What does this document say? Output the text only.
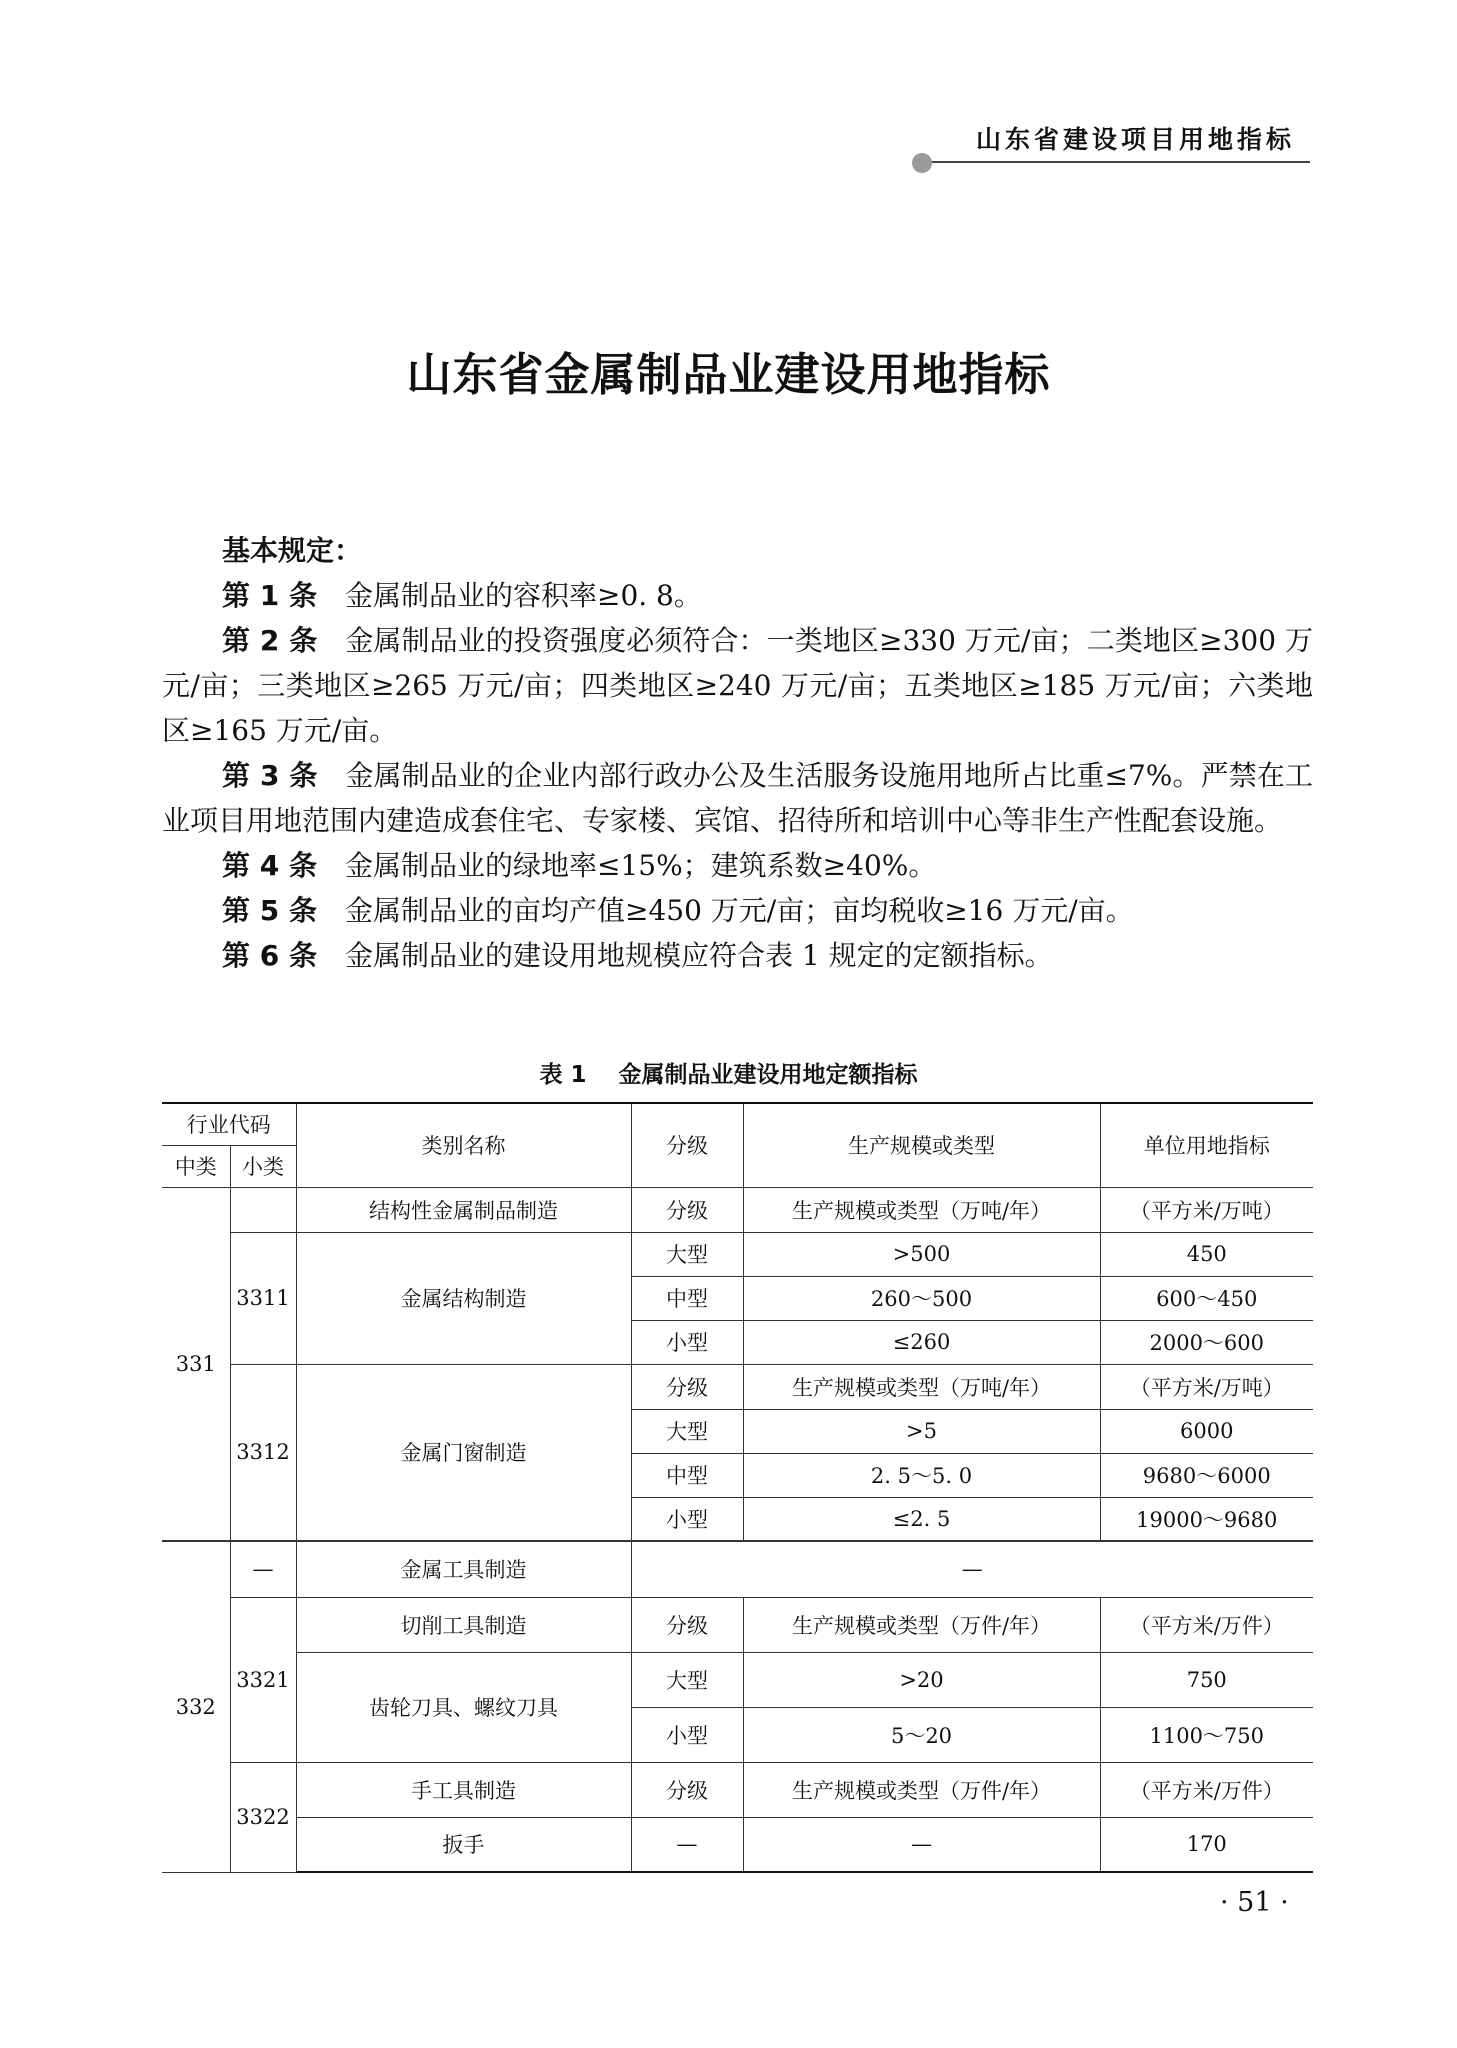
山东省建设项目用地指标
山东省金属制品业建设用地指标

基本规定：

第 1 条 金属制品业的容积率≥0. 8。

第 2 条 金属制品业的投资强度必须符合：一类地区≥330 万元/亩；二类地区≥300 万元/亩；三类地区≥265 万元/亩；四类地区≥240 万元/亩；五类地区≥185 万元/亩；六类地区≥165 万元/亩。

第 3 条 金属制品业的企业内部行政办公及生活服务设施用地所占比重≤7%。严禁在工业项目用地范围内建造成套住宅、专家楼、宾馆、招待所和培训中心等非生产性配套设施。

第 4 条 金属制品业的绿地率≤15%；建筑系数≥40%。

第 5 条 金属制品业的亩均产值≥450 万元/亩；亩均税收≥16 万元/亩。

第 6 条 金属制品业的建设用地规模应符合表 1 规定的定额指标。

表 1    金属制品业建设用地定额指标
行业代码		类别名称	分级	生产规模或类型	单位用地指标
中类	小类				
331		结构性金属制品制造	分级	生产规模或类型（万吨/年）	（平方米/万吨）
	3311	金属结构制造	大型	>500	450
			中型	260～500	600～450
			小型	≤260	2000～600
	3312	金属门窗制造	分级	生产规模或类型（万吨/年）	（平方米/万吨）
			大型	>5	6000
			中型	2. 5～5. 0	9680～6000
			小型	≤2. 5	19000～9680
332	—	金属工具制造	—		
	3321	切削工具制造	分级	生产规模或类型（万件/年）	（平方米/万件）
		齿轮刀具、螺纹刀具	大型	>20	750
			小型	5～20	1100～750
	3322	手工具制造	分级	生产规模或类型（万件/年）	（平方米/万件）
		扳手	—	—	170
· 51 ·
